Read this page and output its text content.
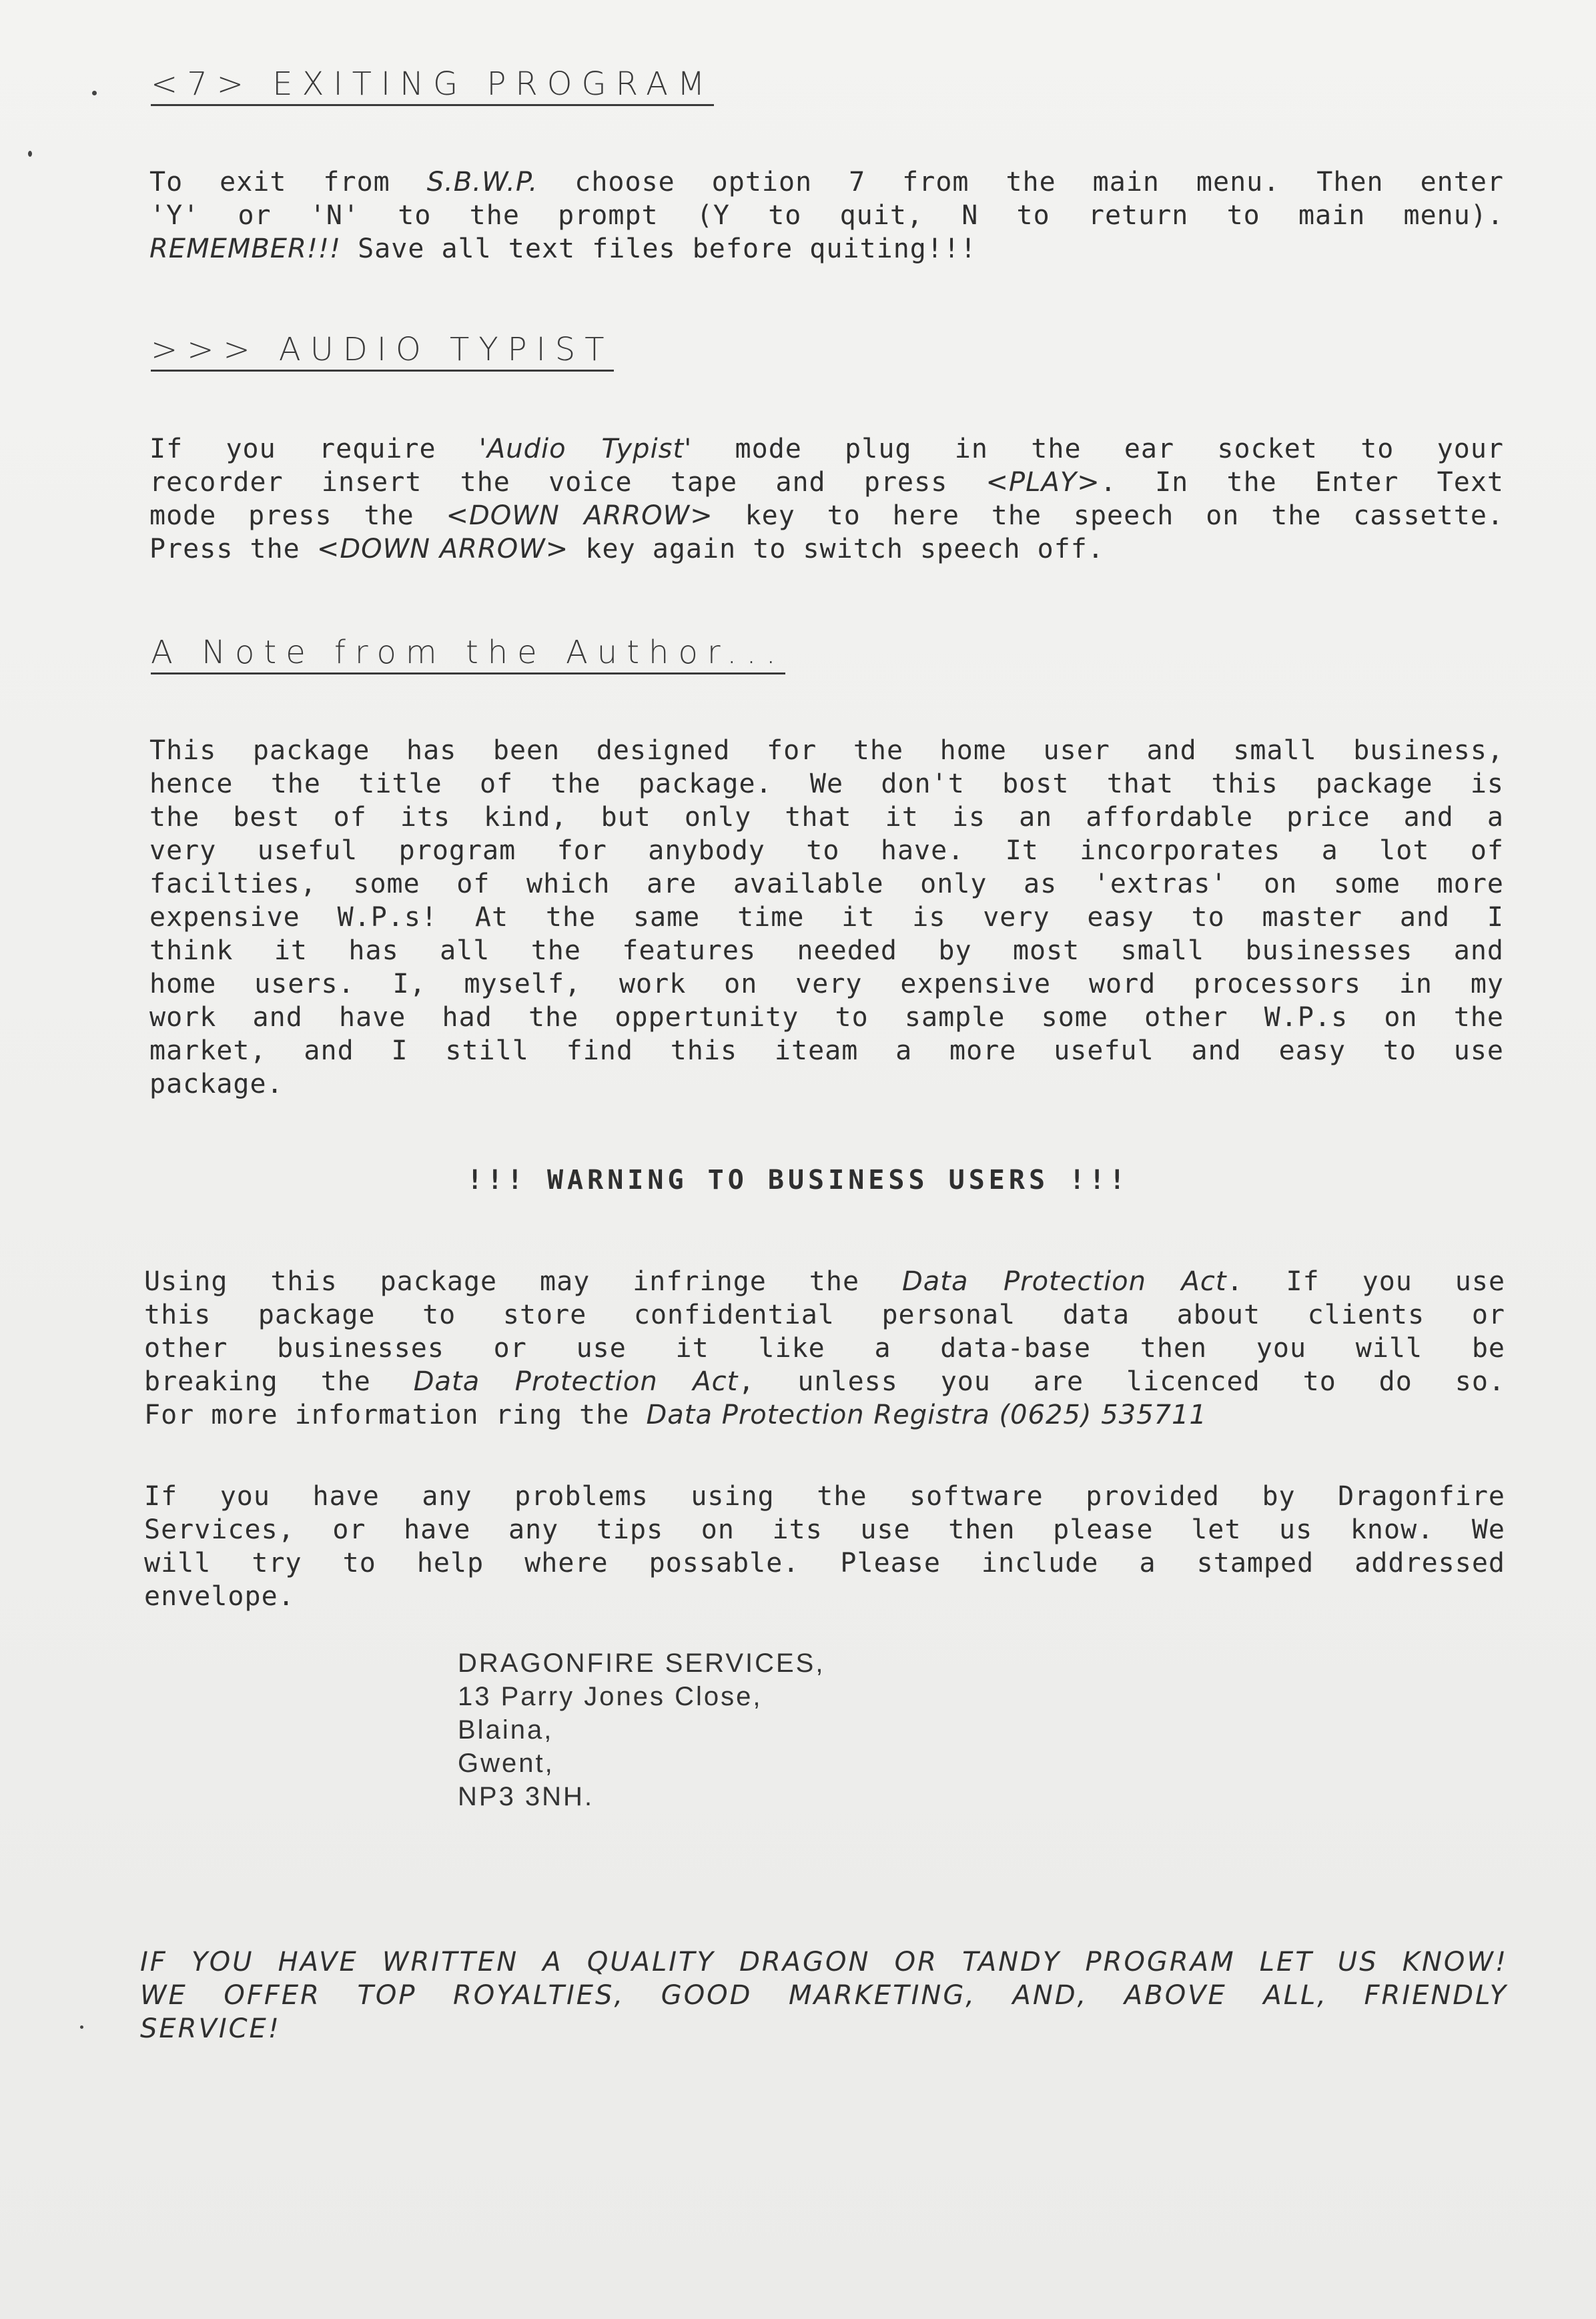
<7> EXITING PROGRAM
To exit from S.B.W.P. choose option 7 from the main menu. Then enter
'Y' or 'N' to the prompt (Y to quit, N to return to main menu).
REMEMBER!!! Save all text files before quiting!!!
>>> AUDIO TYPIST
If you require 'Audio Typist' mode plug in the ear socket to your
recorder insert the voice tape and press <PLAY>. In the Enter Text
mode press the <DOWN ARROW> key to here the speech on the cassette.
Press the <DOWN ARROW> key again to switch speech off.
A Note from the Author...
This package has been designed for the home user and small business,
hence the title of the package. We don't bost that this package is
the best of its kind, but only that it is an affordable price and a
very useful program for anybody to have. It incorporates a lot of
facilties, some of which are available only as 'extras' on some more
expensive W.P.s! At the same time it is very easy to master and I
think it has all the features needed by most small businesses and
home users. I, myself, work on very expensive word processors in my
work and have had the oppertunity to sample some other W.P.s on the
market, and I still find this iteam a more useful and easy to use
package.
!!! WARNING TO BUSINESS USERS !!!
Using this package may infringe the Data Protection Act. If you use
this package to store confidential personal data about clients or
other businesses or use it like a data-base then you will be
breaking the Data Protection Act, unless you are licenced to do so.
For more information ring the Data Protection Registra (0625) 535711
If you have any problems using the software provided by Dragonfire
Services, or have any tips on its use then please let us know. We
will try to help where possable. Please include a stamped addressed
envelope.
DRAGONFIRE SERVICES,
13 Parry Jones Close,
Blaina,
Gwent,
NP3 3NH.
IF YOU HAVE WRITTEN A QUALITY DRAGON OR TANDY PROGRAM LET US KNOW!
WE OFFER TOP ROYALTIES, GOOD MARKETING, AND, ABOVE ALL, FRIENDLY
SERVICE!
